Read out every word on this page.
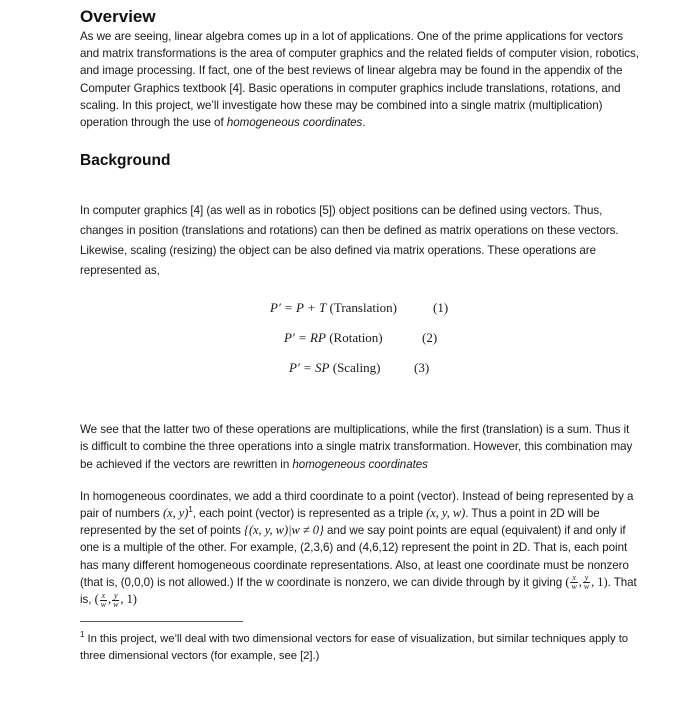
Overview

As we are seeing, linear algebra comes up in a lot of applications. One of the prime applications for vectors and matrix transformations is the area of computer graphics and the related fields of computer vision, robotics, and image processing. If fact, one of the best reviews of linear algebra may be found in the appendix of the Computer Graphics textbook [4]. Basic operations in computer graphics include translations, rotations, and scaling. In this project, we’ll investigate how these may be combined into a single matrix (multiplication) operation through the use of homogeneous coordinates.

Background

In computer graphics [4] (as well as in robotics [5]) object positions can be defined using vectors. Thus, changes in position (translations and rotations) can then be defined as matrix operations on these vectors. Likewise, scaling (resizing) the object can be also defined via matrix operations. These operations are represented as,

P′ = P + T (Translation)	(1)
P′ = RP (Rotation)	(2)
P′ = SP (Scaling)	(3)

We see that the latter two of these operations are multiplications, while the first (translation) is a sum. Thus it is difficult to combine the three operations into a single matrix transformation. However, this combination may be achieved if the vectors are rewritten in homogeneous coordinates

In homogeneous coordinates, we add a third coordinate to a point (vector). Instead of being represented by a pair of numbers (x, y)$^1$, each point (vector) is represented as a triple (x, y, w). Thus a point in 2D will be represented by the set of points {(x, y, w)|w ≠ 0} and we say point points are equal (equivalent) if and only if one is a multiple of the other. For example, (2,3,6) and (4,6,12) represent the point in 2D. That is, each point has many different homogeneous coordinate representations. Also, at least one coordinate must be nonzero (that is, (0,0,0) is not allowed.) If the w coordinate is nonzero, we can divide through by it giving ( $\frac{x}{w}$ , $\frac{y}{w}$ , 1). That is, ( $\frac{x}{w}$ , $\frac{y}{w}$ , 1)

$^1$ In this project, we’ll deal with two dimensional vectors for ease of visualization, but similar techniques apply to three dimensional vectors (for example, see [2].)
